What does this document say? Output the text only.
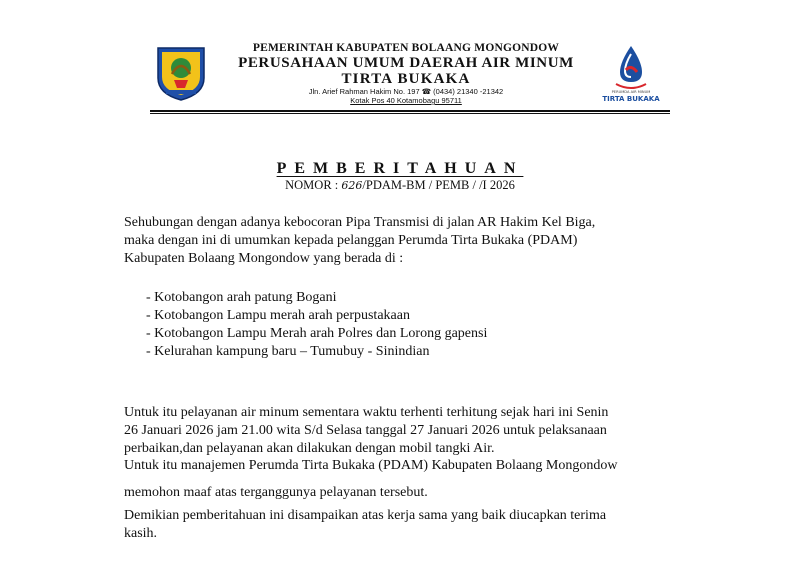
PEMERINTAH KABUPATEN BOLAANG MONGONDOW
PERUSAHAAN UMUM DAERAH AIR MINUM
TIRTA BUKAKA
Jln. Arief Rahman Hakim No. 197 ☎ (0434) 21340 -21342
Kotak Pos 40 Kotamobagu 95711
PERUMDA AIR MINUM
TIRTA BUKAKA
PEMBERITAHUAN
NOMOR : 626/PDAM-BM / PEMB / /I 2026
Sehubungan dengan adanya kebocoran Pipa Transmisi di jalan AR Hakim Kel Biga,
maka dengan ini di umumkan kepada pelanggan Perumda Tirta Bukaka (PDAM)
Kabupaten Bolaang Mongondow yang berada di :
- Kotobangon arah patung Bogani
- Kotobangon Lampu merah arah perpustakaan
- Kotobangon Lampu Merah arah Polres dan Lorong gapensi
- Kelurahan kampung baru – Tumubuy - Sinindian
Untuk itu pelayanan air minum sementara waktu terhenti terhitung sejak hari ini Senin
26 Januari 2026 jam 21.00 wita S/d Selasa tanggal 27 Januari 2026 untuk pelaksanaan
perbaikan,dan pelayanan akan dilakukan dengan mobil tangki Air.
Untuk itu manajemen Perumda Tirta Bukaka (PDAM) Kabupaten Bolaang Mongondow
memohon maaf atas terganggunya pelayanan tersebut.
Demikian pemberitahuan ini disampaikan atas kerja sama yang baik diucapkan terima
kasih.
